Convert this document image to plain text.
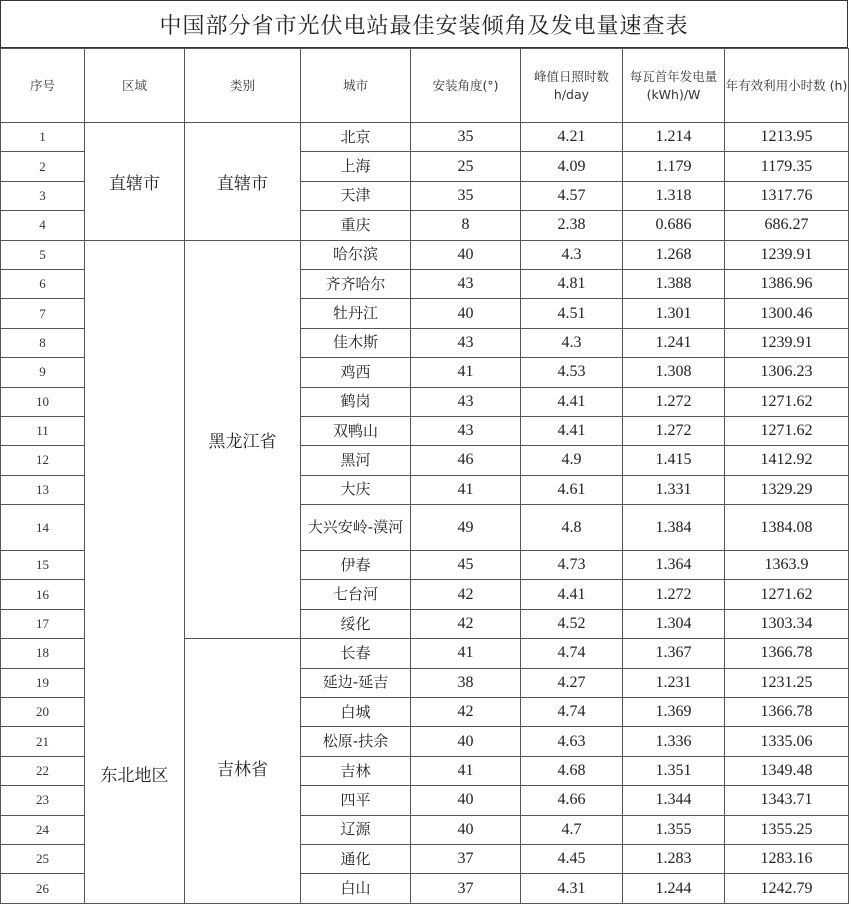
中国部分省市光伏电站最佳安装倾角及发电量速查表
序号	区域	类别	城市	安装角度(°)	峰值日照时数 h/day	每瓦首年发电量(kWh)/W	年有效利用小时数 (h)
1	直辖市	直辖市	北京	35	4.21	1.214	1213.95
2			上海	25	4.09	1.179	1179.35
3			天津	35	4.57	1.318	1317.76
4			重庆	8	2.38	0.686	686.27
5	东北地区	黑龙江省	哈尔滨	40	4.3	1.268	1239.91
6			齐齐哈尔	43	4.81	1.388	1386.96
7			牡丹江	40	4.51	1.301	1300.46
8			佳木斯	43	4.3	1.241	1239.91
9			鸡西	41	4.53	1.308	1306.23
10			鹤岗	43	4.41	1.272	1271.62
11			双鸭山	43	4.41	1.272	1271.62
12			黑河	46	4.9	1.415	1412.92
13			大庆	41	4.61	1.331	1329.29
14			大兴安岭-漠河	49	4.8	1.384	1384.08
15			伊春	45	4.73	1.364	1363.9
16			七台河	42	4.41	1.272	1271.62
17			绥化	42	4.52	1.304	1303.34
18		吉林省	长春	41	4.74	1.367	1366.78
19			延边-延吉	38	4.27	1.231	1231.25
20			白城	42	4.74	1.369	1366.78
21			松原-扶余	40	4.63	1.336	1335.06
22			吉林	41	4.68	1.351	1349.48
23			四平	40	4.66	1.344	1343.71
24			辽源	40	4.7	1.355	1355.25
25			通化	37	4.45	1.283	1283.16
26			白山	37	4.31	1.244	1242.79
